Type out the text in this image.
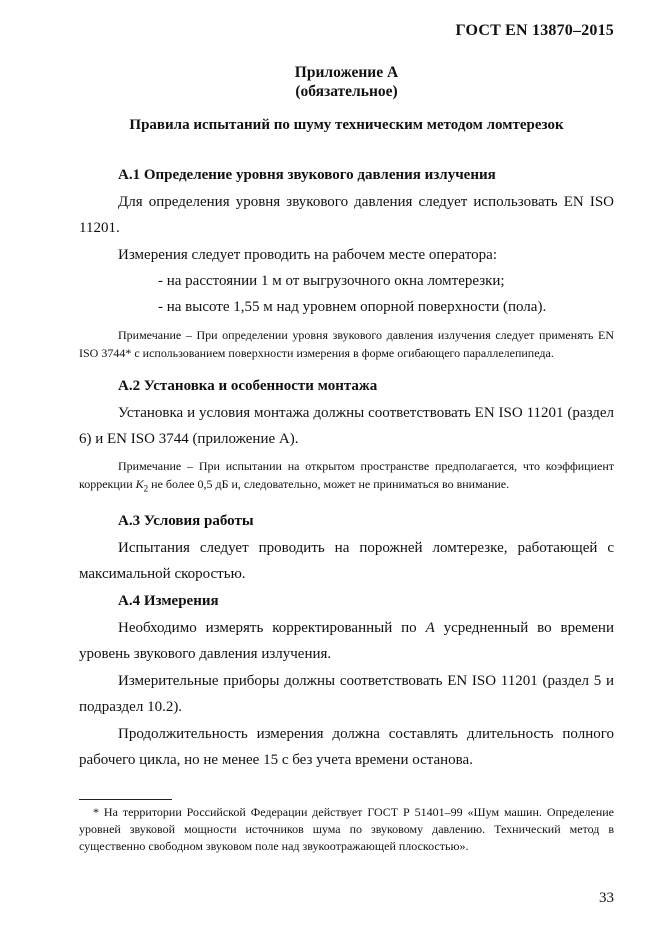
ГОСТ EN 13870–2015
Приложение А
(обязательное)
Правила испытаний по шуму техническим методом ломтерезок
А.1 Определение уровня звукового давления излучения

Для определения уровня звукового давления следует использовать EN ISO 11201.

Измерения следует проводить на рабочем месте оператора:

- на расстоянии 1 м от выгрузочного окна ломтерезки;

- на высоте 1,55 м над уровнем опорной поверхности (пола).

Примечание – При определении уровня звукового давления излучения следует применять EN ISO 3744* с использованием поверхности измерения в форме огибающего параллелепипеда.

А.2 Установка и особенности монтажа

Установка и условия монтажа должны соответствовать EN ISO 11201 (раздел 6) и EN ISO 3744 (приложение А).

Примечание – При испытании на открытом пространстве предполагается, что коэффициент коррекции $K_2$ не более 0,5 дБ и, следовательно, может не приниматься во внимание.

А.3 Условия работы

Испытания следует проводить на порожней ломтерезке, работающей с максимальной скоростью.

А.4 Измерения

Необходимо измерять корректированный по А усредненный во времени уровень звукового давления излучения.

Измерительные приборы должны соответствовать EN ISO 11201 (раздел 5 и подраздел 10.2).

Продолжительность измерения должна составлять длительность полного рабочего цикла, но не менее 15 с без учета времени останова.

* На территории Российской Федерации действует ГОСТ Р 51401–99 «Шум машин. Определение уровней звуковой мощности источников шума по звуковому давлению. Технический метод в существенно свободном звуковом поле над звукоотражающей плоскостью».

33
